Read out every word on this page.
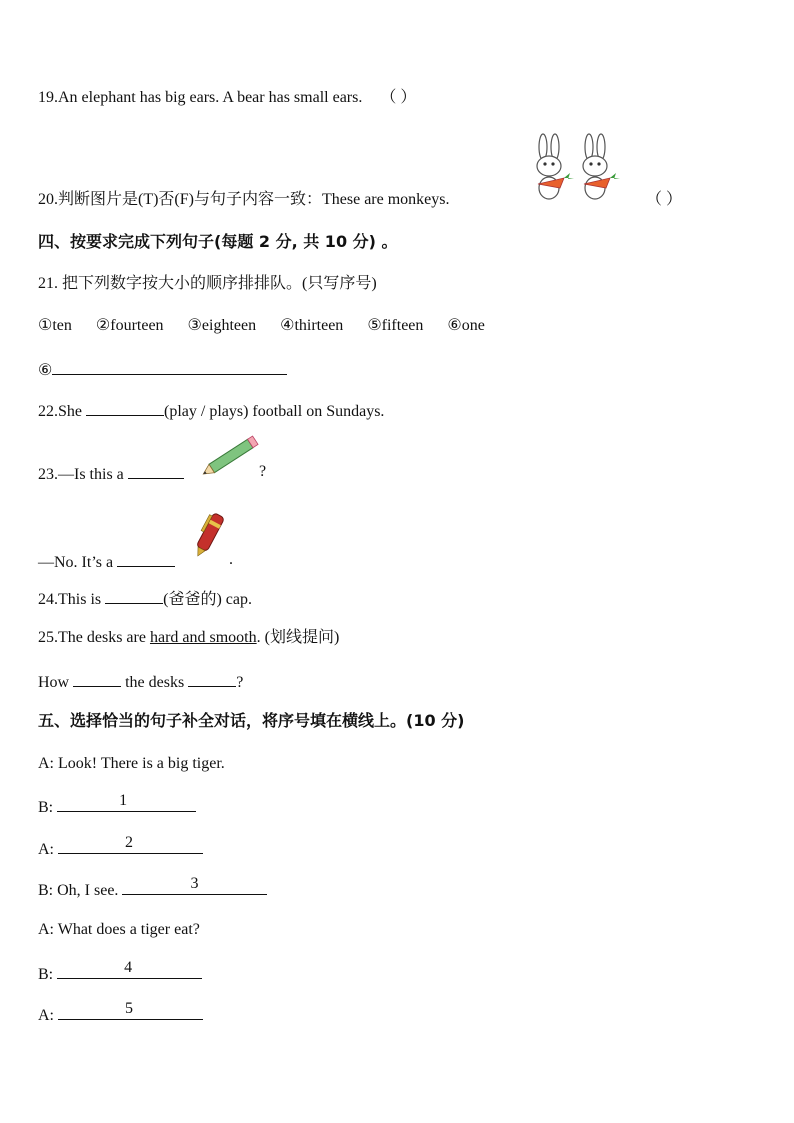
19.An elephant has big ears. A bear has small ears. （ ）
20.判断图片是(T)否(F)与句子内容一致：These are monkeys.	（ ）
四、按要求完成下列句子(每题 2 分, 共 10 分) 。
21. 把下列数字按大小的顺序排排队。(只写序号)
①ten ②fourteen ③eighteen ④thirteen ⑤fifteen ⑥one
⑥
22.She	(play / plays) football on Sundays.
23.—Is this a	?
—No. It’s a	.
24.This is	(爸爸的) cap.
25.The desks are hard and smooth. (划线提问)
How	the desks	?
五、选择恰当的句子补全对话，将序号填在横线上。(10 分)
A: Look! There is a big tiger.
B:	1
A:	2
B: Oh, I see.	3
A: What does a tiger eat?
B:	4
A:	5
